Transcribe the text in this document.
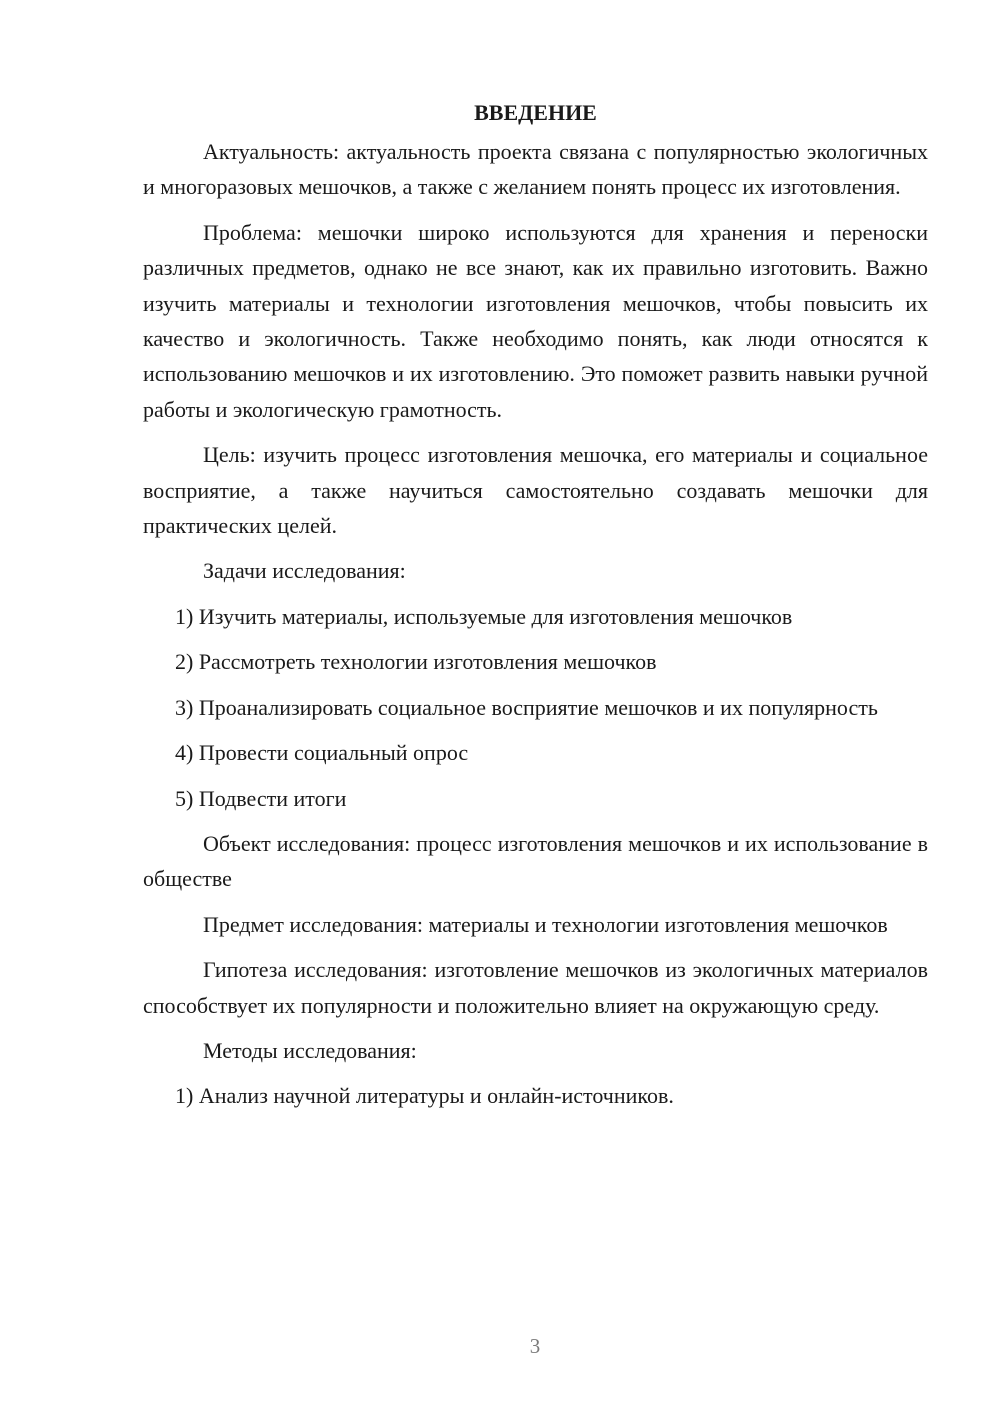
ВВЕДЕНИЕ

Актуальность: актуальность проекта связана с популярностью экологичных и многоразовых мешочков, а также с желанием понять процесс их изготовления.

Проблема: мешочки широко используются для хранения и переноски различных предметов, однако не все знают, как их правильно изготовить. Важно изучить материалы и технологии изготовления мешочков, чтобы повысить их качество и экологичность. Также необходимо понять, как люди относятся к использованию мешочков и их изготовлению. Это поможет развить навыки ручной работы и экологическую грамотность.

Цель: изучить процесс изготовления мешочка, его материалы и социальное восприятие, а также научиться самостоятельно создавать мешочки для практических целей.

Задачи исследования:

1) Изучить материалы, используемые для изготовления мешочков

2) Рассмотреть технологии изготовления мешочков

3) Проанализировать социальное восприятие мешочков и их популярность

4) Провести социальный опрос

5) Подвести итоги

Объект исследования: процесс изготовления мешочков и их использование в обществе

Предмет исследования: материалы и технологии изготовления мешочков

Гипотеза исследования: изготовление мешочков из экологичных материалов способствует их популярности и положительно влияет на окружающую среду.

Методы исследования:

1) Анализ научной литературы и онлайн-источников.

3
